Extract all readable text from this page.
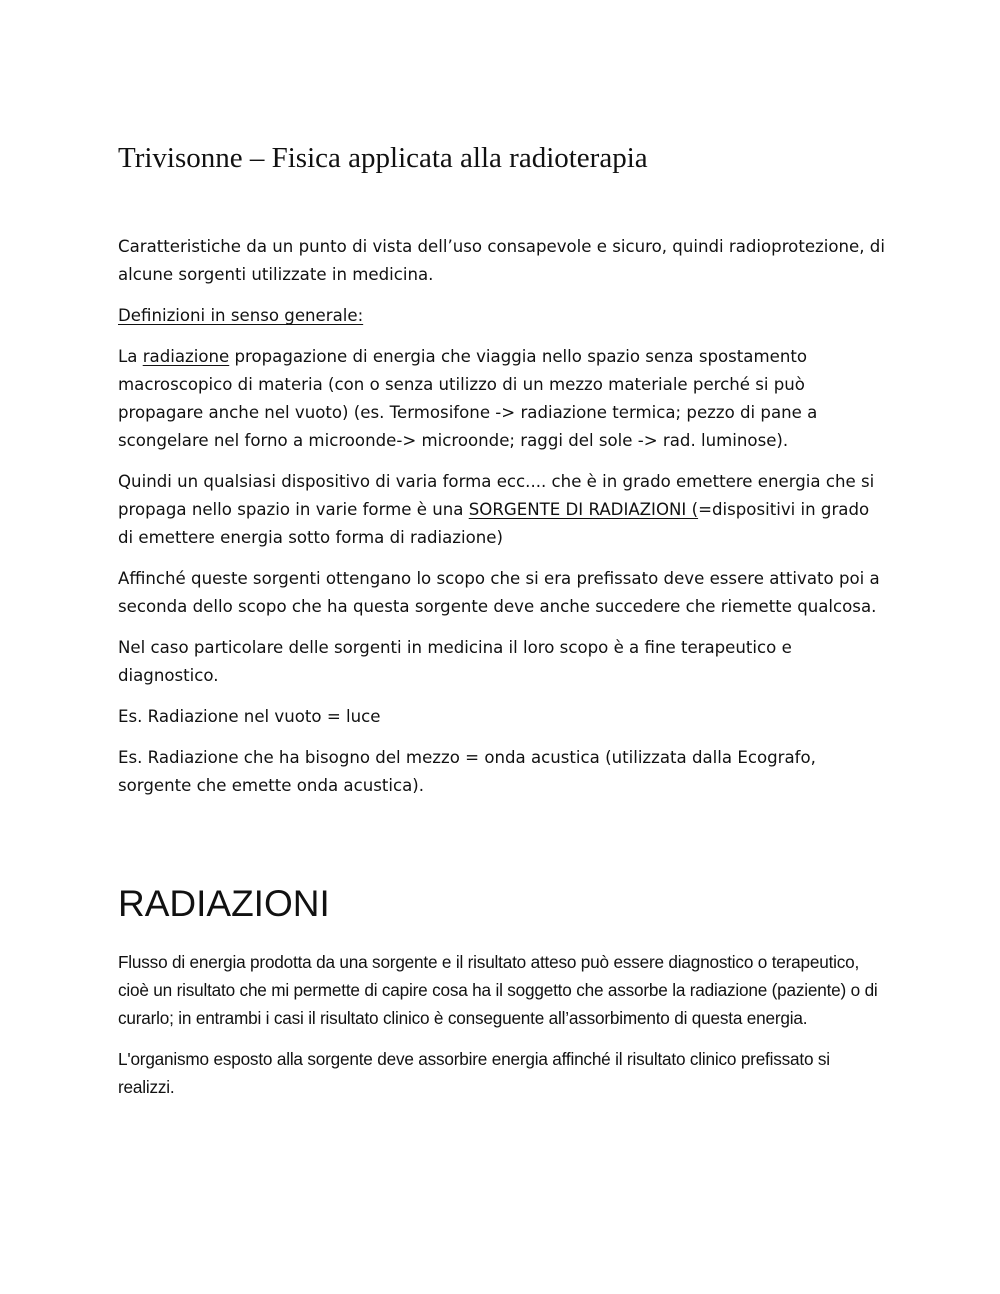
Trivisonne – Fisica applicata alla radioterapia

Caratteristiche da un punto di vista dell’uso consapevole e sicuro, quindi radioprotezione, di alcune sorgenti utilizzate in medicina.

Definizioni in senso generale:

La radiazione propagazione di energia che viaggia nello spazio senza spostamento macroscopico di materia (con o senza utilizzo di un mezzo materiale perché si può propagare anche nel vuoto) (es. Termosifone -> radiazione termica; pezzo di pane a scongelare nel forno a microonde-> microonde; raggi del sole -> rad. luminose).

Quindi un qualsiasi dispositivo di varia forma ecc.... che è in grado emettere energia che si propaga nello spazio in varie forme è una SORGENTE DI RADIAZIONI (=dispositivi in grado di emettere energia sotto forma di radiazione)

Affinché queste sorgenti ottengano lo scopo che si era prefissato deve essere attivato poi a seconda dello scopo che ha questa sorgente deve anche succedere che riemette qualcosa.

Nel caso particolare delle sorgenti in medicina il loro scopo è a fine terapeutico e diagnostico.

Es. Radiazione nel vuoto = luce

Es. Radiazione che ha bisogno del mezzo = onda acustica (utilizzata dalla Ecografo, sorgente che emette onda acustica).

RADIAZIONI

Flusso di energia prodotta da una sorgente e il risultato atteso può essere diagnostico o terapeutico, cioè un risultato che mi permette di capire cosa ha il soggetto che assorbe la radiazione (paziente) o di curarlo; in entrambi i casi il risultato clinico è conseguente all’assorbimento di questa energia.

L'organismo esposto alla sorgente deve assorbire energia affinché il risultato clinico prefissato si realizzi.
